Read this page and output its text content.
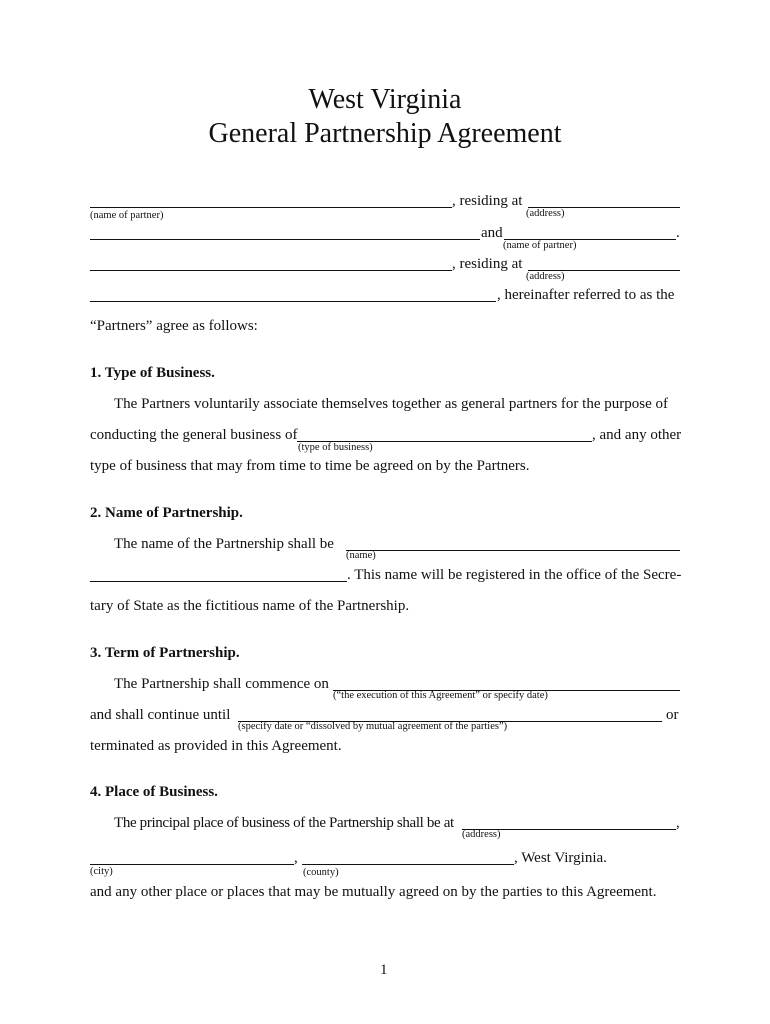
West Virginia
General Partnership Agreement
, residing at
(name of partner)	(address)
and	.
(name of partner)
, residing at
(address)
, hereinafter referred to as the
“Partners” agree as follows:
1. Type of Business.
The Partners voluntarily associate themselves together as general partners for the purpose of
conducting the general business of	, and any other
(type of business)
type of business that may from time to time be agreed on by the Partners.
2. Name of Partnership.
The name of the Partnership shall be
(name)
. This name will be registered in the office of the Secre-
tary of State as the fictitious name of the Partnership.
3. Term of Partnership.
The Partnership shall commence on
(“the execution of this Agreement” or specify date)
and shall continue until	or
(specify date or “dissolved by mutual agreement of the parties”)
terminated as provided in this Agreement.
4. Place of Business.
The principal place of business of the Partnership shall be at	,
(address)
,	, West Virginia.
(city)	(county)
and any other place or places that may be mutually agreed on by the parties to this Agreement.
1
